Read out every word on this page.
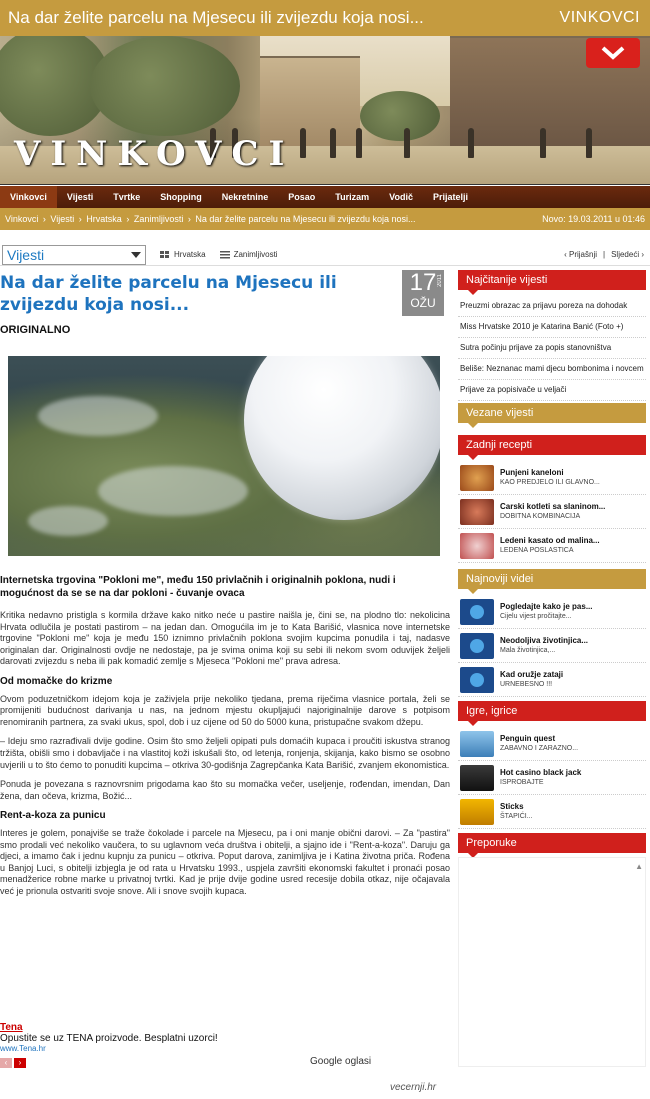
Na dar želite parcelu na Mjesecu ili zvijezdu koja nosi...	VINKOVCI
VINKOVCI
Vinkovci	Vijesti	Tvrtke	Shopping	Nekretnine	Posao	Turizam	Vodič	Prijatelji
Vinkovci › Vijesti › Hrvatska › Zanimljivosti › Na dar želite parcelu na Mjesecu ili zvijezdu koja nosi...	Novo: 19.03.2011 u 01:46
Vijesti	Hrvatska	Zanimljivosti	‹ Prijašnji | Sljedeći ›
Na dar želite parcelu na Mjesecu ili zvijezdu koja nosi...
17
OŽU
2011
ORIGINALNO

Internetska trgovina "Pokloni me", među 150 privlačnih i originalnih poklona, nudi i mogućnost da se se na dar pokloni - čuvanje ovaca

Kritika nedavno pristigla s kormila države kako nitko neće u pastire naišla je, čini se, na plodno tlo: nekolicina Hrvata odlučila je postati pastirom – na jedan dan. Omogućila im je to Kata Barišić, vlasnica nove internetske trgovine "Pokloni me" koja je među 150 iznimno privlačnih poklona svojim kupcima ponudila i taj, nadasve originalan dar. Originalnosti ovdje ne nedostaje, pa je svima onima koji su sebi ili nekom svom oduvijek željeli darovati zvijezdu s neba ili pak komadić zemlje s Mjeseca "Pokloni me" prava adresa.

Od momačke do krizme

Ovom poduzetničkom idejom koja je zaživjela prije nekoliko tjedana, prema riječima vlasnice portala, želi se promijeniti budućnost darivanja u nas, na jednom mjestu okupljajući najoriginalnije darove s potpisom renomiranih partnera, za svaki ukus, spol, dob i uz cijene od 50 do 5000 kuna, pristupačne svakom džepu.

– Ideju smo razrađivali dvije godine. Osim što smo željeli opipati puls domaćih kupaca i proučiti iskustva stranog tržišta, obišli smo i dobavljače i na vlastitoj koži iskušali što, od letenja, ronjenja, skijanja, kako bismo se osobno uvjerili u to što ćemo to ponuditi kupcima – otkriva 30-godišnja Zagrepčanka Kata Barišić, zvanjem ekonomistica.

Ponuda je povezana s raznovrsnim prigodama kao što su momačka večer, useljenje, rođendan, imendan, Dan žena, dan očeva, krizma, Božić...

Rent-a-koza za punicu

Interes je golem, ponajviše se traže čokolade i parcele na Mjesecu, pa i oni manje obični darovi. – Za "pastira" smo prodali već nekoliko vaučera, to su uglavnom veća društva i obitelji, a sjajno ide i "Rent-a-koza". Daruju ga djeci, a imamo čak i jednu kupnju za punicu – otkriva. Poput darova, zanimljiva je i Katina životna priča. Rođena u Banjoj Luci, s obitelji izbjegla je od rata u Hrvatsku 1993., uspjela završiti ekonomski fakultet i pronaći posao menadžerice robne marke u privatnoj tvrtki. Kad je prije dvije godine usred recesije dobila otkaz, nije očajavala već je prionula ostvariti svoje snove. Ali i snove svojih kupaca.

Tena
Opustite se uz TENA proizvode. Besplatni uzorci!
www.Tena.hr
‹	›	Google oglasi
vecernji.hr
Najčitanije vijesti
Preuzmi obrazac za prijavu poreza na dohodak
Miss Hrvatske 2010 je Katarina Banić (Foto +)
Sutra počinju prijave za popis stanovništva
Beliše: Neznanac mami djecu bombonima i novcem
Prijave za popisivače u veljači
Vezane vijesti
Zadnji recepti
Punjeni kaneloni
KAO PREDJELO ILI GLAVNO...
Carski kotleti sa slaninom...
DOBITNA KOMBINACIJA
Ledeni kasato od malina...
LEDENA POSLASTICA
Najnoviji videi
Pogledajte kako je pas...
Cijelu vijest pročitajte...
Neodoljiva životinjica...
Mala životinjica,...
Kad oružje zataji
URNEBESNO !!!
Igre, igrice
Penguin quest
ZABAVNO I ZARAZNO...
Hot casino black jack
ISPROBAJTE
Sticks
ŠTAPIĆI...
Preporuke
▲
